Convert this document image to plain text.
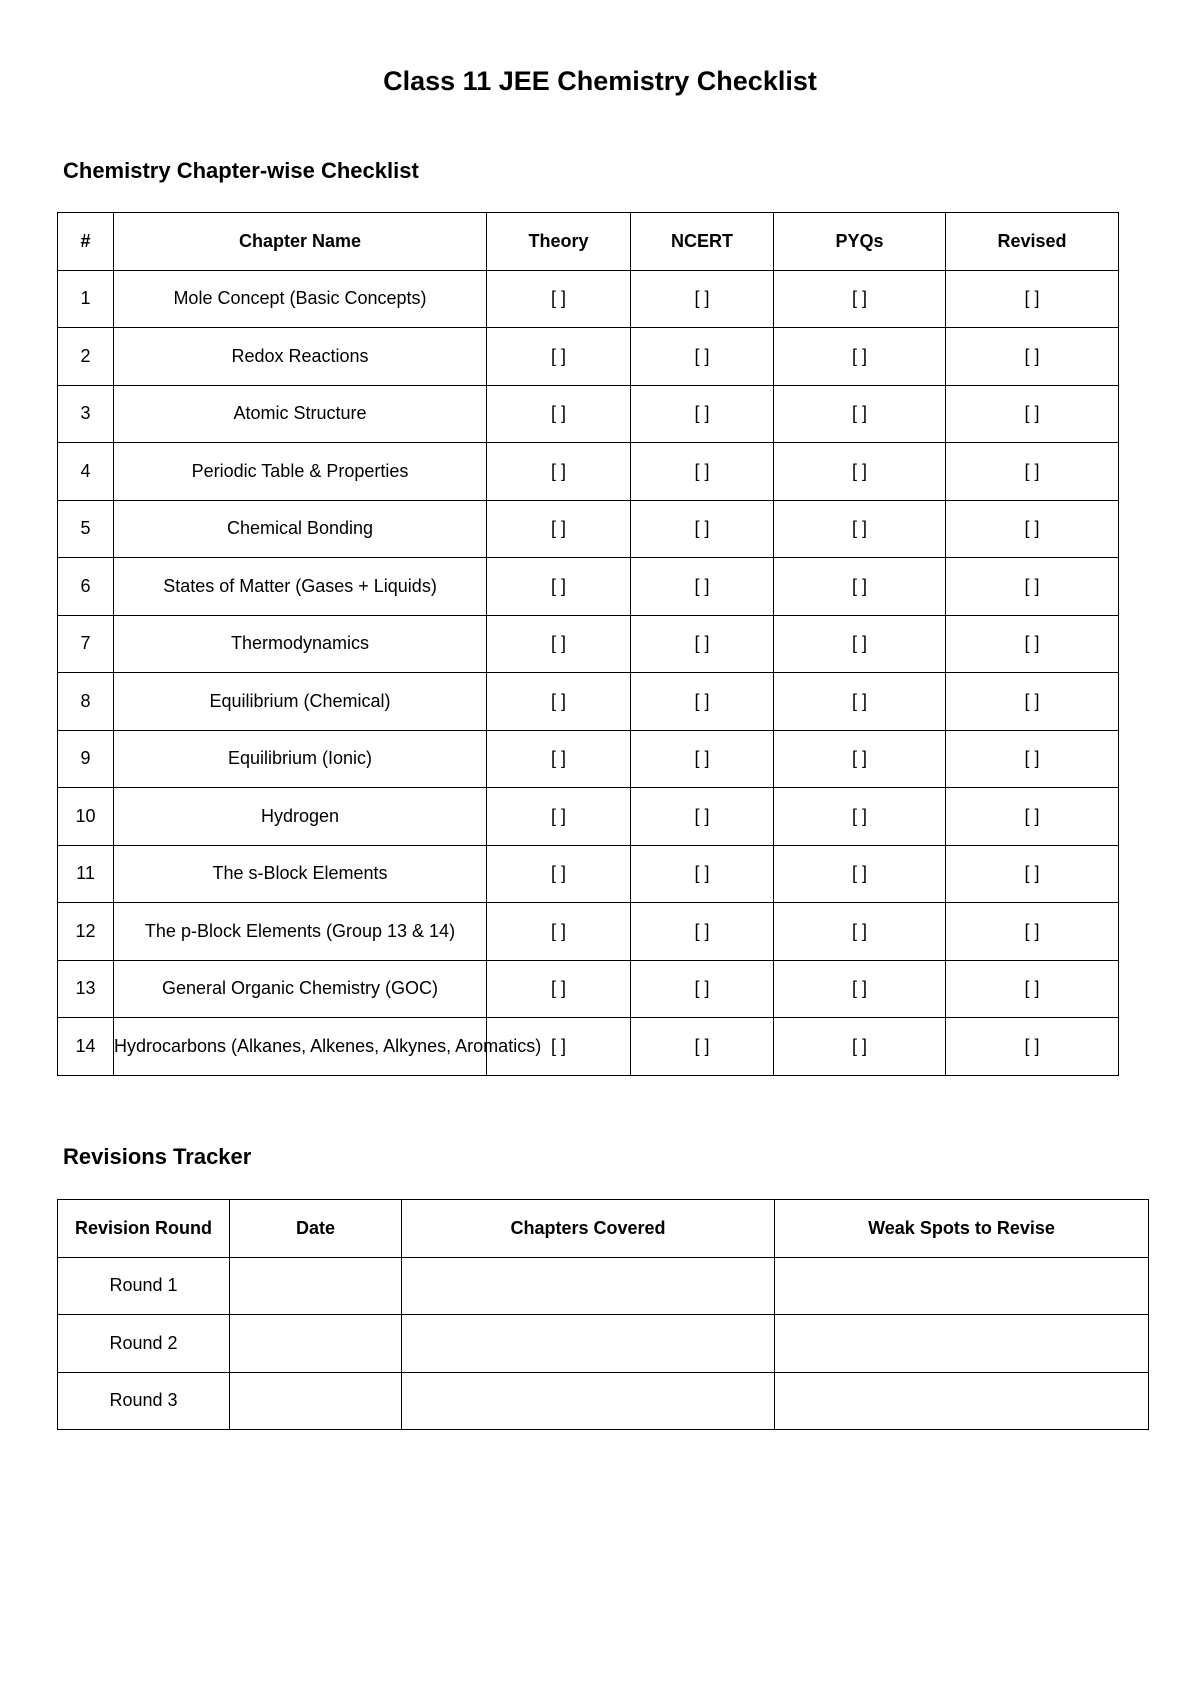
Class 11 JEE Chemistry Checklist
Chemistry Chapter-wise Checklist
#	Chapter Name	Theory	NCERT	PYQs	Revised
1	Mole Concept (Basic Concepts)	[ ]	[ ]	[ ]	[ ]
2	Redox Reactions	[ ]	[ ]	[ ]	[ ]
3	Atomic Structure	[ ]	[ ]	[ ]	[ ]
4	Periodic Table & Properties	[ ]	[ ]	[ ]	[ ]
5	Chemical Bonding	[ ]	[ ]	[ ]	[ ]
6	States of Matter (Gases + Liquids)	[ ]	[ ]	[ ]	[ ]
7	Thermodynamics	[ ]	[ ]	[ ]	[ ]
8	Equilibrium (Chemical)	[ ]	[ ]	[ ]	[ ]
9	Equilibrium (Ionic)	[ ]	[ ]	[ ]	[ ]
10	Hydrogen	[ ]	[ ]	[ ]	[ ]
11	The s-Block Elements	[ ]	[ ]	[ ]	[ ]
12	The p-Block Elements (Group 13 & 14)	[ ]	[ ]	[ ]	[ ]
13	General Organic Chemistry (GOC)	[ ]	[ ]	[ ]	[ ]
14	Hydrocarbons (Alkanes, Alkenes, Alkynes, Aromatics)	[ ]	[ ]	[ ]	[ ]
Revisions Tracker
Revision Round	Date	Chapters Covered	Weak Spots to Revise
Round 1			
Round 2			
Round 3			
